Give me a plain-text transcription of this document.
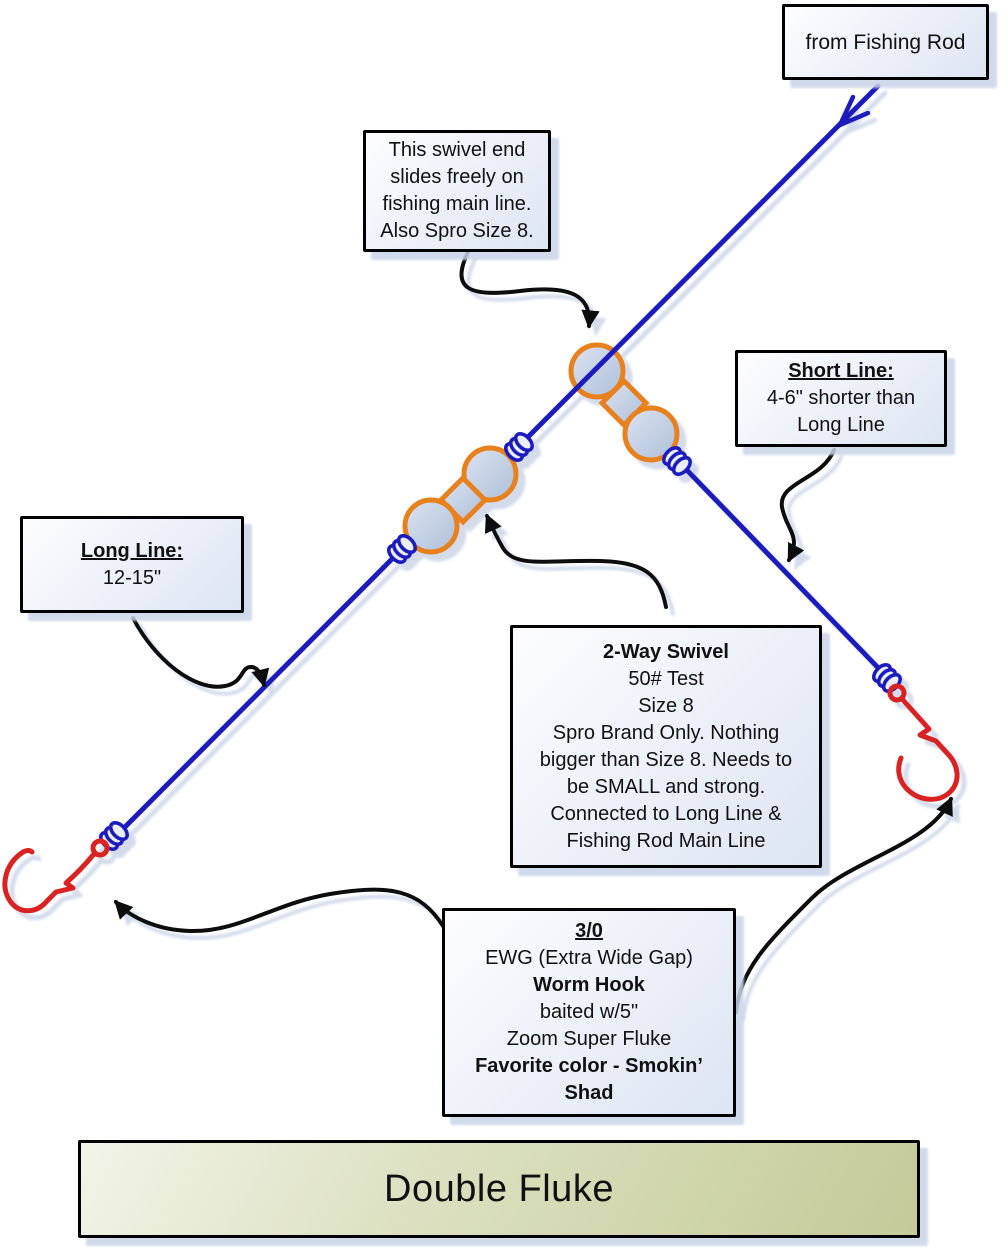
from Fishing Rod
This swivel end
slides freely on
fishing main line.
Also Spro Size 8.
Short Line:
4-6" shorter than
Long Line
Long Line:
12-15"
2-Way Swivel
50# Test
Size 8
Spro Brand Only. Nothing
bigger than Size 8. Needs to
be SMALL and strong.
Connected to Long Line &
Fishing Rod Main Line
3/0
EWG (Extra Wide Gap)
Worm Hook
baited w/5"
Zoom Super Fluke
Favorite color - Smokin’
Shad
Double Fluke
